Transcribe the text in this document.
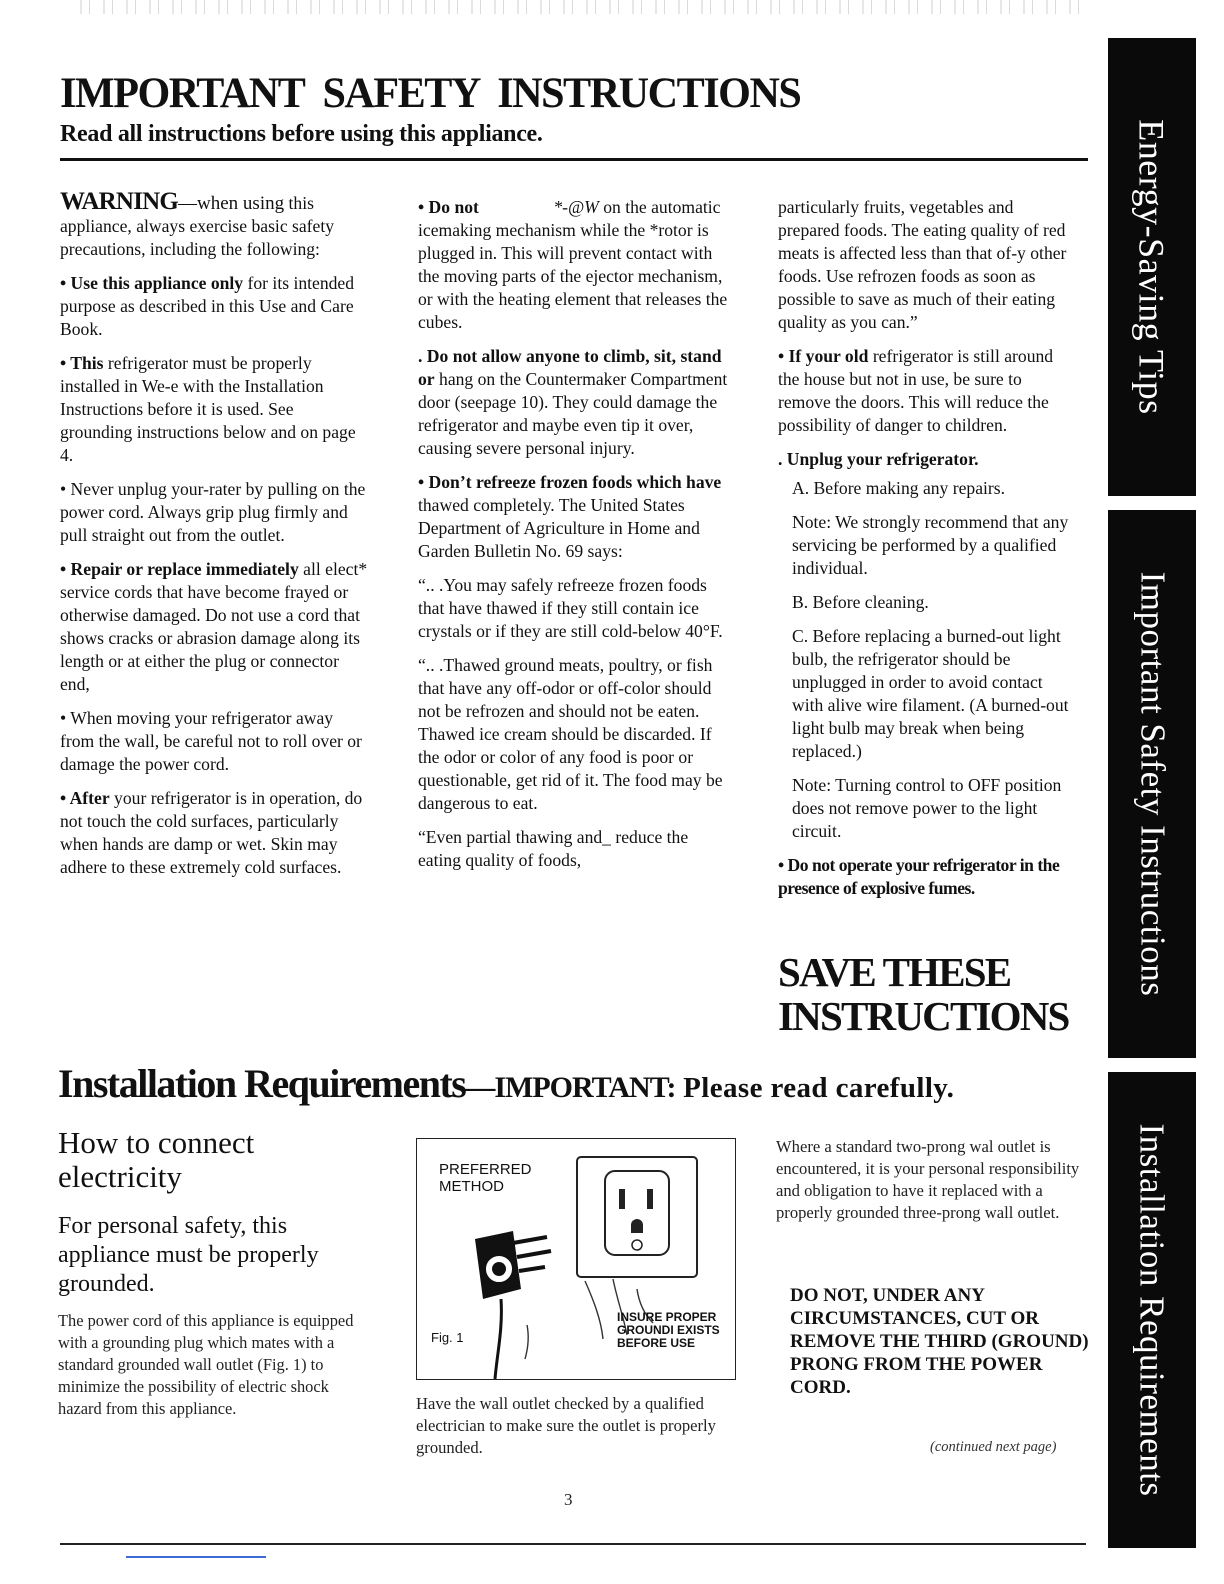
IMPORTANT SAFETY INSTRUCTIONS
Read all instructions before using this appliance.

WARNING—when using this appliance, always exercise basic safety precautions, including the following:

• Use this appliance only for its intended purpose as described in this Use and Care Book.

• This refrigerator must be properly installed in We-e with the Installation Instructions before it is used. See grounding instructions below and on page 4.

• Never unplug your-rater by pulling on the power cord. Always grip plug firmly and pull straight out from the outlet.

• Repair or replace immediately all elect* service cords that have become frayed or otherwise damaged. Do not use a cord that shows cracks or abrasion damage along its length or at either the plug or connector end,

• When moving your refrigerator away from the wall, be careful not to roll over or damage the power cord.

• After your refrigerator is in operation, do not touch the cold surfaces, particularly when hands are damp or wet. Skin may adhere to these extremely cold surfaces.

• Do not	*-@W on the automatic icemaking mechanism while the *rotor is plugged in. This will prevent contact with the moving parts of the ejector mechanism, or with the heating element that releases the cubes.

. Do not allow anyone to climb, sit, stand or hang on the Countermaker Compartment door (seepage 10). They could damage the refrigerator and maybe even tip it over, causing severe personal injury.

• Don’t refreeze frozen foods which have thawed completely. The United States Department of Agriculture in Home and Garden Bulletin No. 69 says:

“.. .You may safely refreeze frozen foods that have thawed if they still contain ice crystals or if they are still cold-below 40°F.

“.. .Thawed ground meats, poultry, or fish that have any off-odor or off-color should not be refrozen and should not be eaten. Thawed ice cream should be discarded. If the odor or color of any food is poor or questionable, get rid of it. The food may be dangerous to eat.

“Even partial thawing and_ reduce the eating quality of foods,

particularly fruits, vegetables and prepared foods. The eating quality of red meats is affected less than that of-y other foods. Use refrozen foods as soon as possible to save as much of their eating quality as you can.”

• If your old refrigerator is still around the house but not in use, be sure to remove the doors. This will reduce the possibility of danger to children.

. Unplug your refrigerator.

A. Before making any repairs.

Note: We strongly recommend that any servicing be performed by a qualified individual.

B. Before cleaning.

C. Before replacing a burned-out light bulb, the refrigerator should be unplugged in order to avoid contact with alive wire filament. (A burned-out light bulb may break when being replaced.)

Note: Turning control to OFF position does not remove power to the light circuit.

• Do not operate your refrigerator in the presence of explosive fumes.

SAVE THESE INSTRUCTIONS
Installation Requirements—IMPORTANT: Please read carefully.
How to connect electricity
For personal safety, this appliance must be properly grounded.

The power cord of this appliance is equipped with a grounding plug which mates with a standard grounded wall outlet (Fig. 1) to minimize the possibility of electric shock hazard from this appliance.

PREFERRED
METHOD
INSURE PROPER
GROUNDI EXISTS
BEFORE USE
Fig. 1

Have the wall outlet checked by a qualified electrician to make sure the outlet is properly grounded.

Where a standard two-prong wal outlet is encountered, it is your personal responsibility and obligation to have it replaced with a properly grounded three-prong wall outlet.

DO NOT, UNDER ANY CIRCUMSTANCES, CUT OR REMOVE THE THIRD (GROUND) PRONG FROM THE POWER CORD.

(continued next page)
3
Energy-Saving Tips
Important Safety Instructions
Installation Requirements
